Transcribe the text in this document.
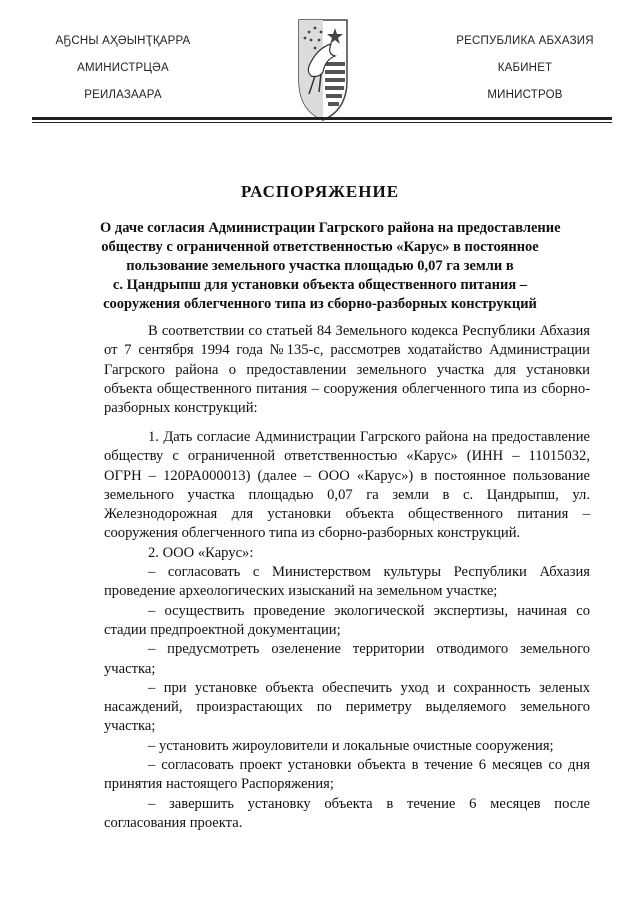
АҔСНЫ АҲӘЫНҬҚАРРА
АМИНИСТРЦӘА
РЕИЛАЗААРА
РЕСПУБЛИКА АБХАЗИЯ
КАБИНЕТ
МИНИСТРОВ
РАСПОРЯЖЕНИЕ
О даче согласия Администрации Гагрского района на предоставление
обществу с ограниченной ответственностью «Карус» в постоянное
пользование земельного участка площадью 0,07 га земли в
с. Цандрыпш для установки объекта общественного питания –
сооружения облегченного типа из сборно-разборных конструкций

В соответствии со статьей 84 Земельного кодекса Республики Абхазия от 7 сентября 1994 года №135-с, рассмотрев ходатайство Администрации Гагрского района о предоставлении земельного участка для установки объекта общественного питания – сооружения облегченного типа из сборно-разборных конструкций:

1. Дать согласие Администрации Гагрского района на предоставление обществу с ограниченной ответственностью «Карус» (ИНН – 11015032, ОГРН – 120РА000013) (далее – ООО «Карус») в постоянное пользование земельного участка площадью 0,07 га земли в с. Цандрыпш, ул. Железнодорожная для установки объекта общественного питания – сооружения облегченного типа из сборно-разборных конструкций.

2. ООО «Карус»:

– согласовать с Министерством культуры Республики Абхазия проведение археологических изысканий на земельном участке;

– осуществить проведение экологической экспертизы, начиная со стадии предпроектной документации;

– предусмотреть озеленение территории отводимого земельного участка;

– при установке объекта обеспечить уход и сохранность зеленых насаждений, произрастающих по периметру выделяемого земельного участка;

– установить жироуловители и локальные очистные сооружения;

– согласовать проект установки объекта в течение 6 месяцев со дня принятия настоящего Распоряжения;

– завершить установку объекта в течение 6 месяцев после согласования проекта.
